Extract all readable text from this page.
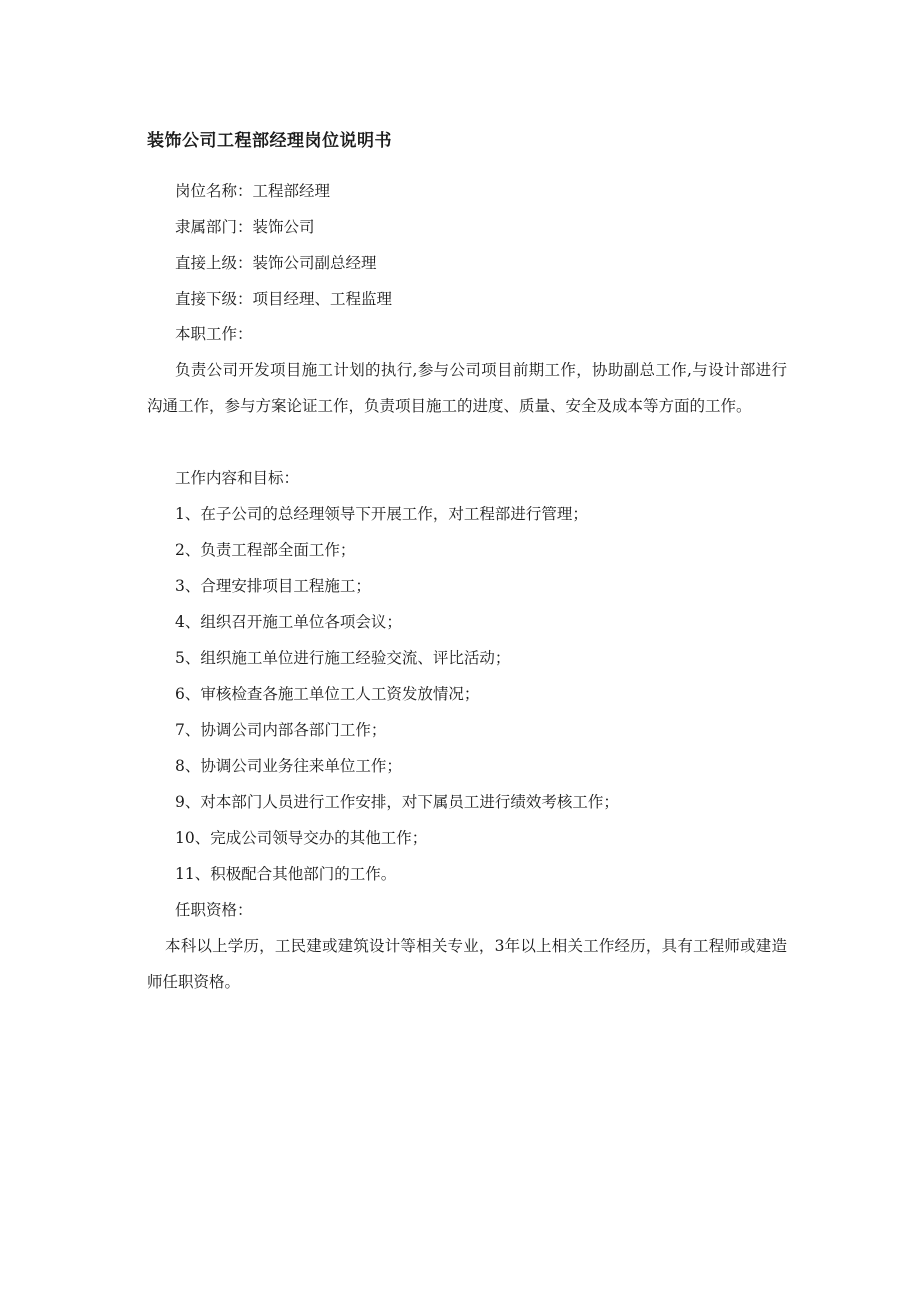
装饰公司工程部经理岗位说明书
岗位名称：工程部经理
隶属部门：装饰公司
直接上级：装饰公司副总经理
直接下级：项目经理、工程监理
本职工作：
负责公司开发项目施工计划的执行,参与公司项目前期工作，协助副总工作,与设计部进行沟通工作，参与方案论证工作，负责项目施工的进度、质量、安全及成本等方面的工作。
工作内容和目标：
1、在子公司的总经理领导下开展工作，对工程部进行管理；
2、负责工程部全面工作；
3、合理安排项目工程施工；
4、组织召开施工单位各项会议；
5、组织施工单位进行施工经验交流、评比活动；
6、审核检查各施工单位工人工资发放情况；
7、协调公司内部各部门工作；
8、协调公司业务往来单位工作；
9、对本部门人员进行工作安排，对下属员工进行绩效考核工作；
10、完成公司领导交办的其他工作；
11、积极配合其他部门的工作。
任职资格：
本科以上学历，工民建或建筑设计等相关专业，3年以上相关工作经历，具有工程师或建造师任职资格。
